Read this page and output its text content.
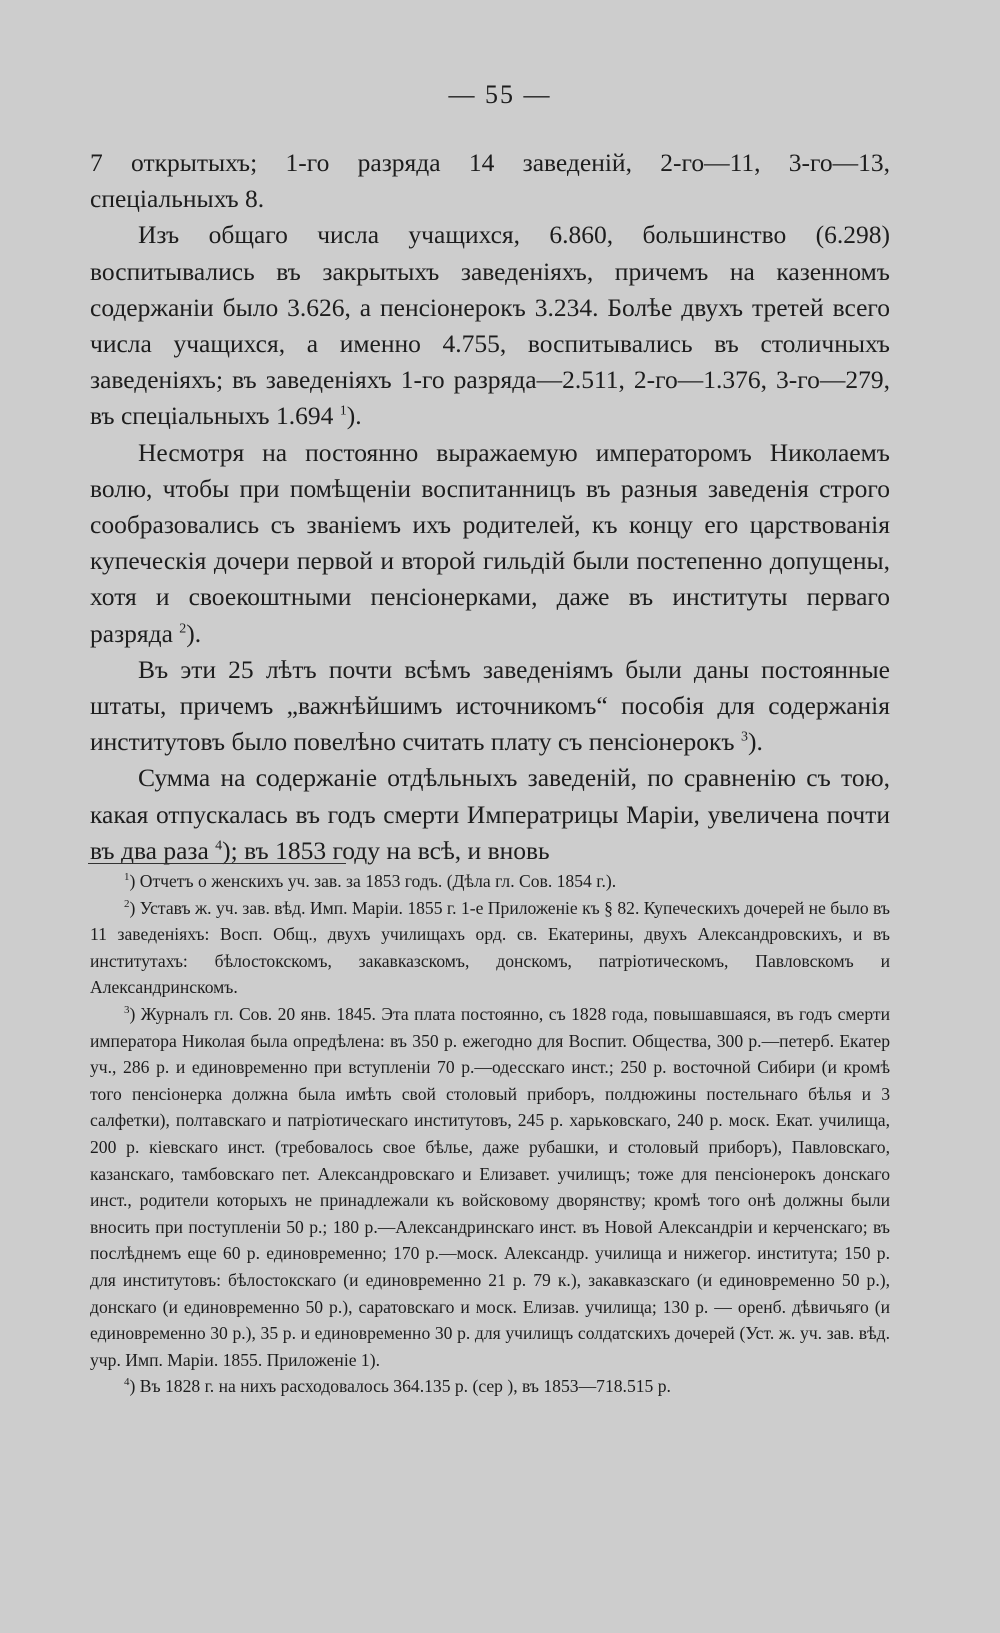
— 55 —

7 открытыхъ; 1-го разряда 14 заведеній, 2-го—11, 3-го—13, спеціальныхъ 8.

Изъ общаго числа учащихся, 6.860, большинство (6.298) воспитывались въ закрытыхъ заведеніяхъ, причемъ на казенномъ содержаніи было 3.626, а пенсіонерокъ 3.234. Болѣе двухъ третей всего числа учащихся, а именно 4.755, воспитывались въ столичныхъ заведеніяхъ; въ заведеніяхъ 1-го разряда—2.511, 2-го—1.376, 3-го—279, въ спеціальныхъ 1.694 $^1$).

Несмотря на постоянно выражаемую императоромъ Николаемъ волю, чтобы при помѣщеніи воспитанницъ въ разныя заведенія строго сообразовались съ званіемъ ихъ родителей, къ концу его царствованія купеческія дочери первой и второй гильдій были постепенно допущены, хотя и своекоштными пенсіонерками, даже въ институты перваго разряда $^2$).

Въ эти 25 лѣтъ почти всѣмъ заведеніямъ были даны постоянные штаты, причемъ „важнѣйшимъ источникомъ“ пособія для содержанія институтовъ было повелѣно считать плату съ пенсіонерокъ $^3$).

Сумма на содержаніе отдѣльныхъ заведеній, по сравненію съ тою, какая отпускалась въ годъ смерти Императрицы Маріи, увеличена почти въ два раза $^4$); въ 1853 году на всѣ, и вновь

$^1$) Отчетъ о женскихъ уч. зав. за 1853 годъ. (Дѣла гл. Сов. 1854 г.).

$^2$) Уставъ ж. уч. зав. вѣд. Имп. Маріи. 1855 г. 1-е Приложеніе къ § 82. Купеческихъ дочерей не было въ 11 заведеніяхъ: Восп. Общ., двухъ училищахъ орд. св. Екатерины, двухъ Александровскихъ, и въ институтахъ: бѣлостокскомъ, закавказскомъ, донскомъ, патріотическомъ, Павловскомъ и Александринскомъ.

$^3$) Журналъ гл. Сов. 20 янв. 1845. Эта плата постоянно, съ 1828 года, повышавшаяся, въ годъ смерти императора Николая была опредѣлена: въ 350 р. ежегодно для Воспит. Общества, 300 р.—петерб. Екатер уч., 286 р. и единовременно при вступленіи 70 р.—одесскаго инст.; 250 р. восточной Сибири (и кромѣ того пенсіонерка должна была имѣть свой столовый приборъ, полдюжины постельнаго бѣлья и 3 салфетки), полтавскаго и патріотическаго институтовъ, 245 р. харьковскаго, 240 р. моск. Екат. училища, 200 р. кіевскаго инст. (требовалось свое бѣлье, даже рубашки, и столовый приборъ), Павловскаго, казанскаго, тамбовскаго пет. Александровскаго и Елизавет. училищъ; тоже для пенсіонерокъ донскаго инст., родители которыхъ не принадлежали къ войсковому дворянству; кромѣ того онѣ должны были вносить при поступленіи 50 р.; 180 р.—Александринскаго инст. въ Новой Александріи и керченскаго; въ послѣднемъ еще 60 р. единовременно; 170 р.—моск. Александр. училища и нижегор. института; 150 р. для институтовъ: бѣлостокскаго (и единовременно 21 р. 79 к.), закавказскаго (и единовременно 50 р.), донскаго (и единовременно 50 р.), саратовскаго и моск. Елизав. училища; 130 р. — оренб. дѣвичьяго (и единовременно 30 р.), 35 р. и единовременно 30 р. для училищъ солдатскихъ дочерей (Уст. ж. уч. зав. вѣд. учр. Имп. Маріи. 1855. Приложеніе 1).

$^4$) Въ 1828 г. на нихъ расходовалось 364.135 р. (сер ), въ 1853—718.515 р.
